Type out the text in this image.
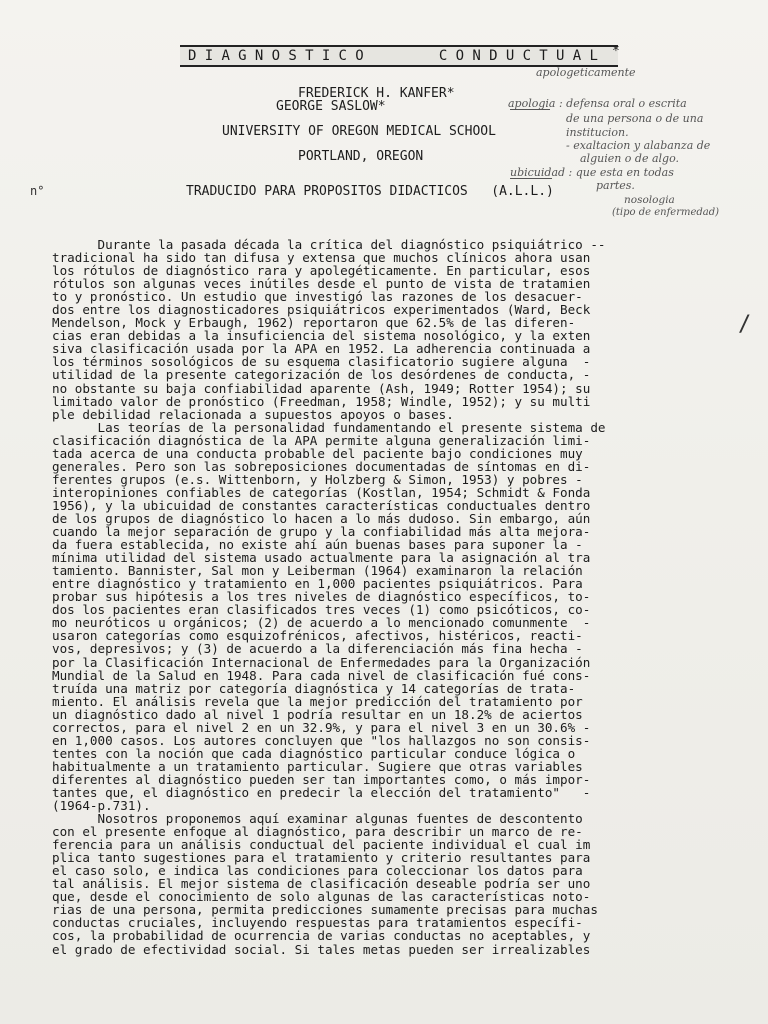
DIAGNOSTICO    CONDUCTUAL *
FREDERICK H. KANFER*
GEORGE SASLOW*
UNIVERSITY OF OREGON MEDICAL SCHOOL
PORTLAND, OREGON
TRADUCIDO PARA PROPOSITOS DIDACTICOS   (A.L.L.)
apologeticamente
apologia : defensa oral o escrita
de una persona o de una
institucion.
- exaltacion y alabanza de
alguien o de algo.
ubicuidad : que esta en todas
partes.
nosologia
(tipo de enfermedad)
n°
/
Durante la pasada década la crítica del diagnóstico psiquiátrico --
tradicional ha sido tan difusa y extensa que muchos clínicos ahora usan
los rótulos de diagnóstico rara y apolegéticamente. En particular, esos
rótulos son algunas veces inútiles desde el punto de vista de tratamien
to y pronóstico. Un estudio que investigó las razones de los desacuer-
dos entre los diagnosticadores psiquiátricos experimentados (Ward, Beck
Mendelson, Mock y Erbaugh, 1962) reportaron que 62.5% de las diferen-
cias eran debidas a la insuficiencia del sistema nosológico, y la exten
siva clasificación usada por la APA en 1952. La adherencia continuada a
los términos sosológicos de su esquema clasificatorio sugiere alguna  -
utilidad de la presente categorización de los desórdenes de conducta, -
no obstante su baja confiabilidad aparente (Ash, 1949; Rotter 1954); su
limitado valor de pronóstico (Freedman, 1958; Windle, 1952); y su multi
ple debilidad relacionada a supuestos apoyos o bases.
Las teorías de la personalidad fundamentando el presente sistema de
clasificación diagnóstica de la APA permite alguna generalización limi-
tada acerca de una conducta probable del paciente bajo condiciones muy
generales. Pero son las sobreposiciones documentadas de síntomas en di-
ferentes grupos (e.s. Wittenborn, y Holzberg & Simon, 1953) y pobres -
interopiniones confiables de categorías (Kostlan, 1954; Schmidt & Fonda
1956), y la ubicuidad de constantes características conductuales dentro
de los grupos de diagnóstico lo hacen a lo más dudoso. Sin embargo, aún
cuando la mejor separación de grupo y la confiabilidad más alta mejora-
da fuera establecida, no existe ahí aún buenas bases para suponer la -
mínima utilidad del sistema usado actualmente para la asignación al tra
tamiento. Bannister, Sal mon y Leiberman (1964) examinaron la relación
entre diagnóstico y tratamiento en 1,000 pacientes psiquiátricos. Para
probar sus hipótesis a los tres niveles de diagnóstico específicos, to-
dos los pacientes eran clasificados tres veces (1) como psicóticos, co-
mo neuróticos u orgánicos; (2) de acuerdo a lo mencionado comunmente  -
usaron categorías como esquizofrénicos, afectivos, histéricos, reacti-
vos, depresivos; y (3) de acuerdo a la diferenciación más fina hecha -
por la Clasificación Internacional de Enfermedades para la Organización
Mundial de la Salud en 1948. Para cada nivel de clasificación fué cons-
truída una matriz por categoría diagnóstica y 14 categorías de trata-
miento. El análisis revela que la mejor predicción del tratamiento por
un diagnóstico dado al nivel 1 podría resultar en un 18.2% de aciertos
correctos, para el nivel 2 en un 32.9%, y para el nivel 3 en un 30.6% -
en 1,000 casos. Los autores concluyen que "los hallazgos no son consis-
tentes con la noción que cada diagnóstico particular conduce lógica o
habitualmente a un tratamiento particular. Sugiere que otras variables
diferentes al diagnóstico pueden ser tan importantes como, o más impor-
tantes que, el diagnóstico en predecir la elección del tratamiento"   -
(1964-p.731).
Nosotros proponemos aquí examinar algunas fuentes de descontento
con el presente enfoque al diagnóstico, para describir un marco de re-
ferencia para un análisis conductual del paciente individual el cual im
plica tanto sugestiones para el tratamiento y criterio resultantes para
el caso solo, e indica las condiciones para coleccionar los datos para
tal análisis. El mejor sistema de clasificación deseable podría ser uno
que, desde el conocimiento de solo algunas de las características noto-
rias de una persona, permita predicciones sumamente precisas para muchas
conductas cruciales, incluyendo respuestas para tratamientos específi-
cos, la probabilidad de ocurrencia de varias conductas no aceptables, y
el grado de efectividad social. Si tales metas pueden ser irrealizables
